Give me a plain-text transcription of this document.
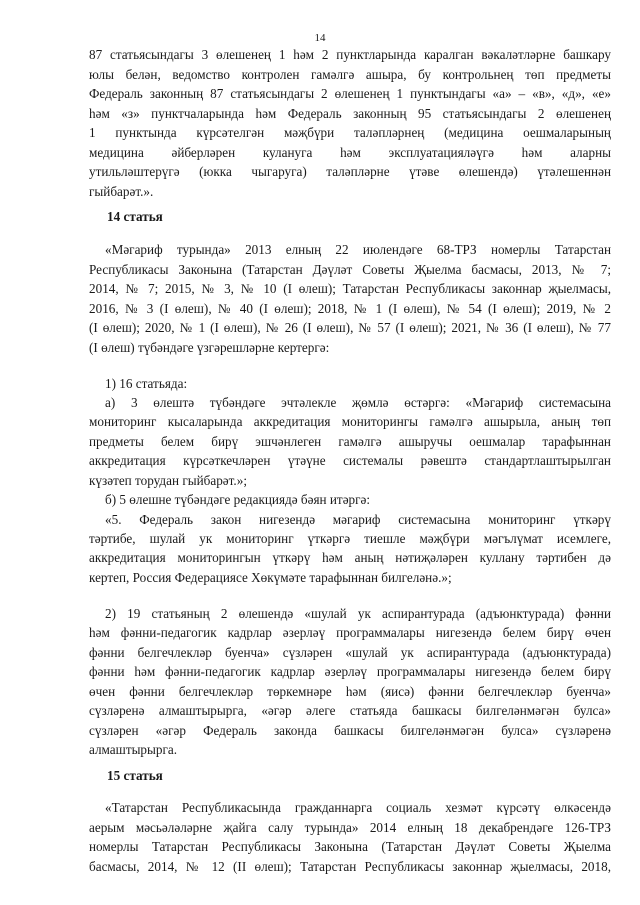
14
87 статьясындагы 3 өлешенең 1 һәм 2 пунктларында каралган вәкаләтләрне башкару
юлы белән, ведомство контролен гамәлгә ашыра, бу контрольнең төп предметы
Федераль законның 87 статьясындагы 2 өлешенең 1 пунктындагы «а» – «в», «д», «е»
һәм «з» пунктчаларында һәм Федераль законның 95 статьясындагы 2 өлешенең
1 пунктында күрсәтелгән мәҗбүри таләпләрнең (медицина оешмаларының
медицина әйберләрен кулануга һәм эксплуатацияләүгә һәм аларны
утильләштерүгә (юкка чыгаруга) таләпләрне үтәве өлешендә) үтәлешеннән
гыйбарәт.».
14 статья
«Мәгариф турында» 2013 елның 22 июлендәге 68-ТРЗ номерлы Татарстан
Республикасы Законына (Татарстан Дәүләт Советы Җыелма басмасы, 2013, № 7;
2014, № 7; 2015, № 3, № 10 (I өлеш); Татарстан Республикасы законнар җыелмасы,
2016, № 3 (I өлеш), № 40 (I өлеш); 2018, № 1 (I өлеш), № 54 (I өлеш); 2019, № 2
(I өлеш); 2020, № 1 (I өлеш), № 26 (I өлеш), № 57 (I өлеш); 2021, № 36 (I өлеш), № 77
(I өлеш) түбәндәге үзгәрешләрне кертергә:
1) 16 статьяда:
а) 3 өлештә түбәндәге эчтәлекле җөмлә өстәргә: «Мәгариф системасына
мониторинг кысаларында аккредитация мониторингы гамәлгә ашырыла, аның төп
предметы белем бирү эшчәнлеген гамәлгә ашыручы оешмалар тарафыннан
аккредитация күрсәткечләрен үтәүне системалы рәвештә стандартлаштырылган
күзәтеп торудан гыйбарәт.»;
б) 5 өлешне түбәндәге редакциядә бәян итәргә:
«5. Федераль закон нигезендә мәгариф системасына мониторинг үткәрү
тәртибе, шулай ук мониторинг үткәргә тиешле мәҗбүри мәгълүмат исемлеге,
аккредитация мониторингын үткәрү һәм аның нәтиҗәләрен куллану тәртибен дә
кертеп, Россия Федерациясе Хөкүмәте тарафыннан билгеләнә.»;
2) 19 статьяның 2 өлешендә «шулай ук аспирантурада (адъюнктурада) фәнни
һәм фәнни-педагогик кадрлар әзерләү программалары нигезендә белем бирү өчен
фәнни белгечлекләр буенча» сүзләрен «шулай ук аспирантурада (адъюнктурада)
фәнни һәм фәнни-педагогик кадрлар әзерләү программалары нигезендә белем бирү
өчен фәнни белгечлекләр төркемнәре һәм (яисә) фәнни белгечлекләр буенча»
сүзләренә алмаштырырга, «әгәр әлеге статьяда башкасы билгеләнмәгән булса»
сүзләрен «әгәр Федераль законда башкасы билгеләнмәгән булса» сүзләренә
алмаштырырга.
15 статья
«Татарстан Республикасында гражданнарга социаль хезмәт күрсәтү өлкәсендә
аерым мәсьәләләрне җайга салу турында» 2014 елның 18 декабрендәге 126-ТРЗ
номерлы Татарстан Республикасы Законына (Татарстан Дәүләт Советы Җыелма
басмасы, 2014, № 12 (II өлеш); Татарстан Республикасы законнар җыелмасы, 2018,
